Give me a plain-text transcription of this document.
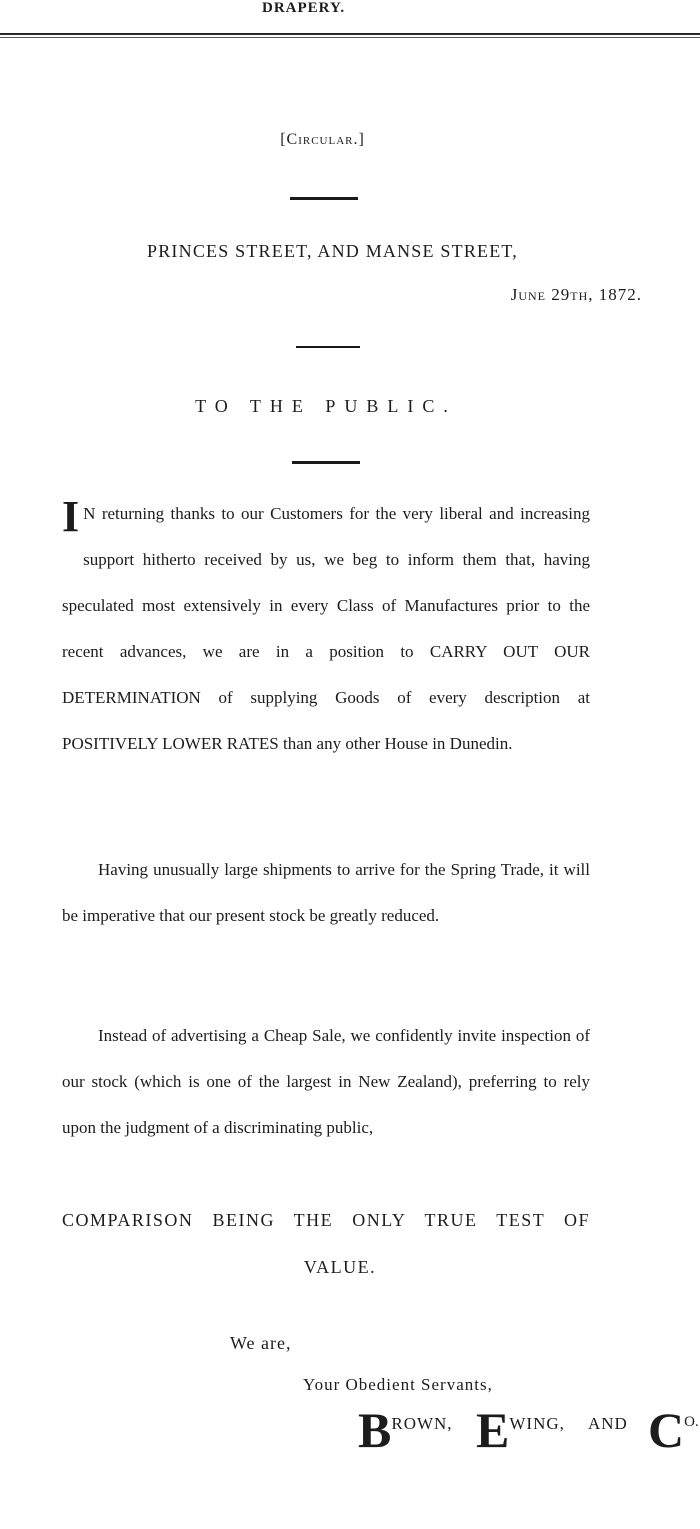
DRAPERY.
[Circular.]
PRINCES STREET, AND MANSE STREET,
June 29th, 1872.
TO THE PUBLIC.

I N returning thanks to our Customers for the very liberal and increasing support hitherto received by us, we beg to inform them that, having speculated most extensively in every Class of Manufactures prior to the recent advances, we are in a position to CARRY OUT OUR DETERMINATION of supplying Goods of every description at POSITIVELY LOWER RATES than any other House in Dunedin.

Having unusually large shipments to arrive for the Spring Trade, it will be imperative that our present stock be greatly reduced.

Instead of advertising a Cheap Sale, we confidently invite inspection of our stock (which is one of the largest in New Zealand), preferring to rely upon the judgment of a discriminating public,

COMPARISON BEING THE ONLY TRUE TEST OF
VALUE.
We are,
Your Obedient Servants,
BROWN, EWING, AND CO.
